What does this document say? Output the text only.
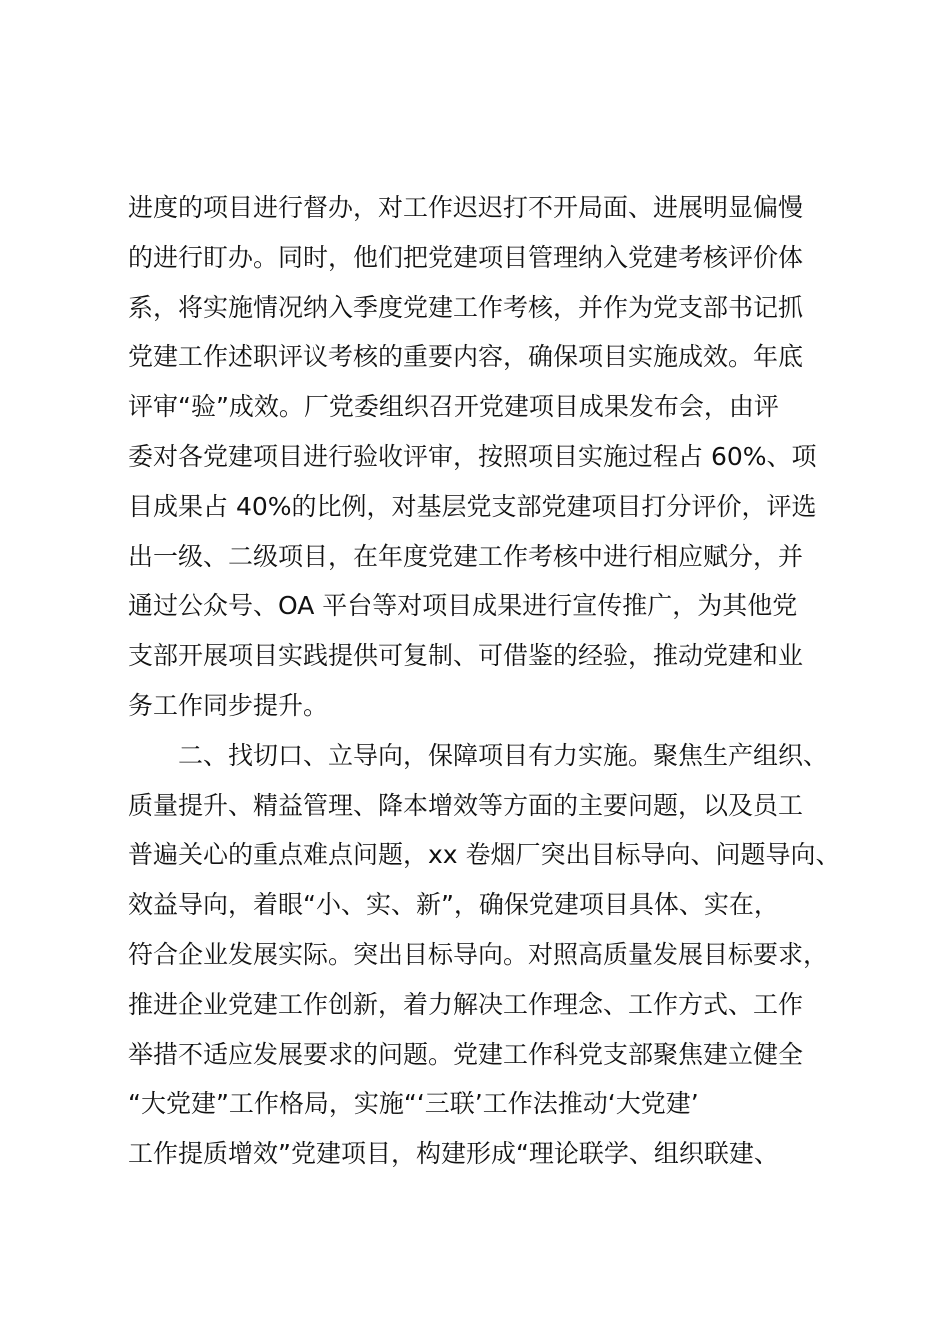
进度的项目进行督办，对工作迟迟打不开局面、进展明显偏慢
的进行盯办。同时，他们把党建项目管理纳入党建考核评价体
系，将实施情况纳入季度党建工作考核，并作为党支部书记抓
党建工作述职评议考核的重要内容，确保项目实施成效。年底
评审“验”成效。厂党委组织召开党建项目成果发布会，由评
委对各党建项目进行验收评审，按照项目实施过程占 60%、项
目成果占 40%的比例，对基层党支部党建项目打分评价，评选
出一级、二级项目，在年度党建工作考核中进行相应赋分，并
通过公众号、OA 平台等对项目成果进行宣传推广，为其他党
支部开展项目实践提供可复制、可借鉴的经验，推动党建和业
务工作同步提升。
二、找切口、立导向，保障项目有力实施。聚焦生产组织、
质量提升、精益管理、降本增效等方面的主要问题，以及员工
普遍关心的重点难点问题，xx 卷烟厂突出目标导向、问题导向、
效益导向，着眼“小、实、新”，确保党建项目具体、实在，
符合企业发展实际。突出目标导向。对照高质量发展目标要求，
推进企业党建工作创新，着力解决工作理念、工作方式、工作
举措不适应发展要求的问题。党建工作科党支部聚焦建立健全
“大党建”工作格局，实施“‘三联’工作法推动‘大党建’
工作提质增效”党建项目，构建形成“理论联学、组织联建、
